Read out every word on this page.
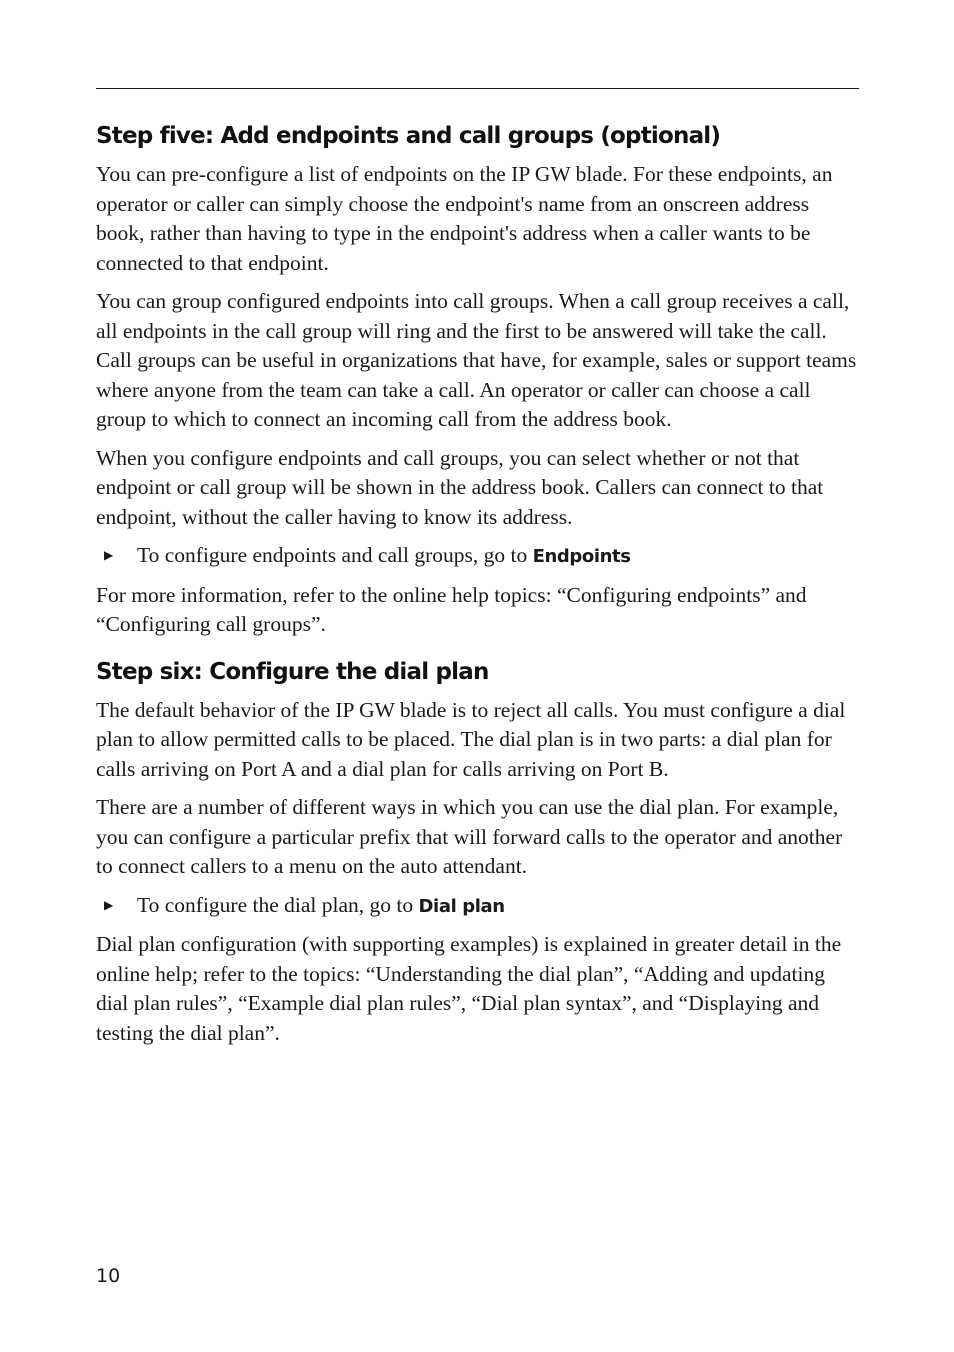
Step five: Add endpoints and call groups (optional)

You can pre-configure a list of endpoints on the IP GW blade. For these endpoints, an operator or caller can simply choose the endpoint's name from an onscreen address book, rather than having to type in the endpoint's address when a caller wants to be connected to that endpoint.

You can group configured endpoints into call groups. When a call group receives a call, all endpoints in the call group will ring and the first to be answered will take the call. Call groups can be useful in organizations that have, for example, sales or support teams where anyone from the team can take a call. An operator or caller can choose a call group to which to connect an incoming call from the address book.

When you configure endpoints and call groups, you can select whether or not that endpoint or call group will be shown in the address book. Callers can connect to that endpoint, without the caller having to know its address.

▶ To configure endpoints and call groups, go to Endpoints

For more information, refer to the online help topics: “Configuring endpoints” and “Configuring call groups”.

Step six: Configure the dial plan

The default behavior of the IP GW blade is to reject all calls. You must configure a dial plan to allow permitted calls to be placed. The dial plan is in two parts: a dial plan for calls arriving on Port A and a dial plan for calls arriving on Port B.

There are a number of different ways in which you can use the dial plan. For example, you can configure a particular prefix that will forward calls to the operator and another to connect callers to a menu on the auto attendant.

▶ To configure the dial plan, go to Dial plan

Dial plan configuration (with supporting examples) is explained in greater detail in the online help; refer to the topics: “Understanding the dial plan”, “Adding and updating dial plan rules”, “Example dial plan rules”, “Dial plan syntax”, and “Displaying and testing the dial plan”.

10
